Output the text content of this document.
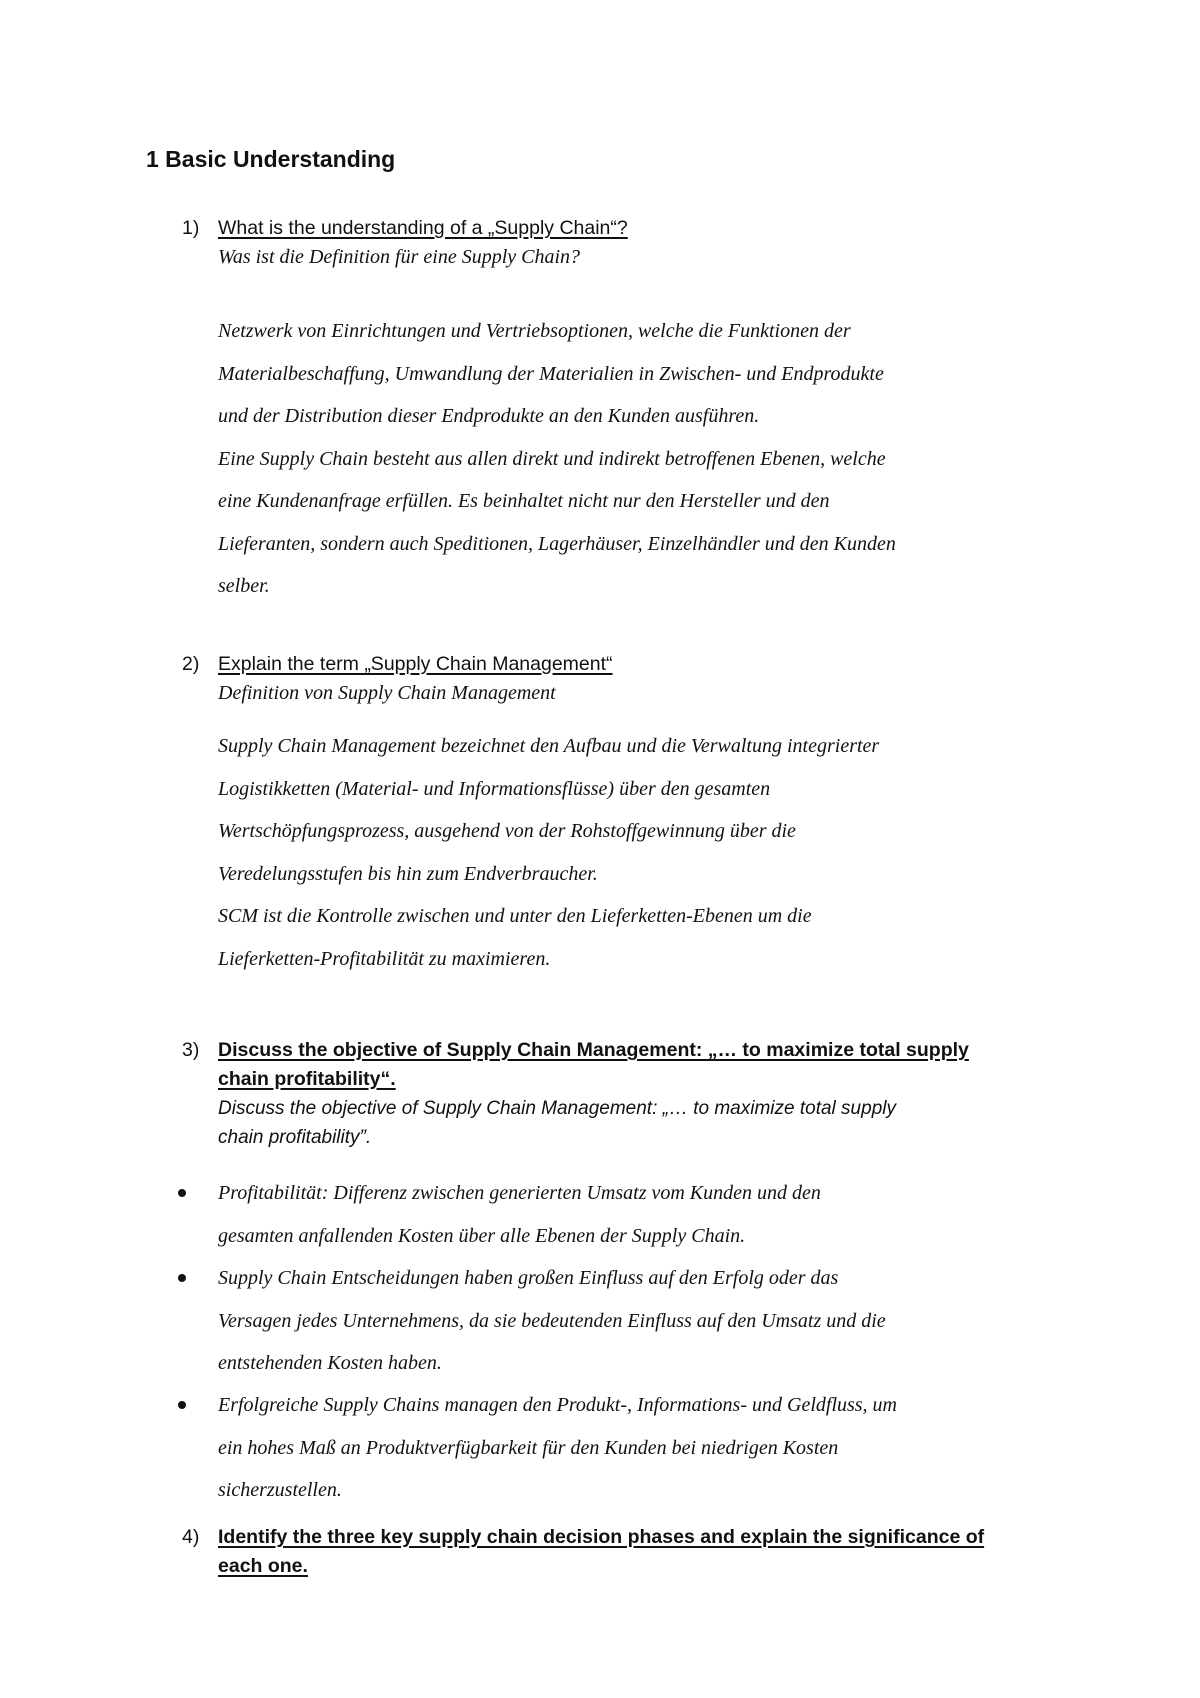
1 Basic Understanding
1) What is the understanding of a „Supply Chain“?
Was ist die Definition für eine Supply Chain?
Netzwerk von Einrichtungen und Vertriebsoptionen, welche die Funktionen der
Materialbeschaffung, Umwandlung der Materialien in Zwischen- und Endprodukte
und der Distribution dieser Endprodukte an den Kunden ausführen.
Eine Supply Chain besteht aus allen direkt und indirekt betroffenen Ebenen, welche
eine Kundenanfrage erfüllen. Es beinhaltet nicht nur den Hersteller und den
Lieferanten, sondern auch Speditionen, Lagerhäuser, Einzelhändler und den Kunden
selber.
2) Explain the term „Supply Chain Management“
Definition von Supply Chain Management
Supply Chain Management bezeichnet den Aufbau und die Verwaltung integrierter
Logistikketten (Material- und Informationsflüsse) über den gesamten
Wertschöpfungsprozess, ausgehend von der Rohstoffgewinnung über die
Veredelungsstufen bis hin zum Endverbraucher.
SCM ist die Kontrolle zwischen und unter den Lieferketten-Ebenen um die
Lieferketten-Profitabilität zu maximieren.
3) Discuss the objective of Supply Chain Management: „… to maximize total supply
chain profitability“.
Discuss the objective of Supply Chain Management: „… to maximize total supply
chain profitability”.
Profitabilität: Differenz zwischen generierten Umsatz vom Kunden und den
gesamten anfallenden Kosten über alle Ebenen der Supply Chain.
Supply Chain Entscheidungen haben großen Einfluss auf den Erfolg oder das
Versagen jedes Unternehmens, da sie bedeutenden Einfluss auf den Umsatz und die
entstehenden Kosten haben.
Erfolgreiche Supply Chains managen den Produkt-, Informations- und Geldfluss, um
ein hohes Maß an Produktverfügbarkeit für den Kunden bei niedrigen Kosten
sicherzustellen.
4) Identify the three key supply chain decision phases and explain the significance of
each one.
